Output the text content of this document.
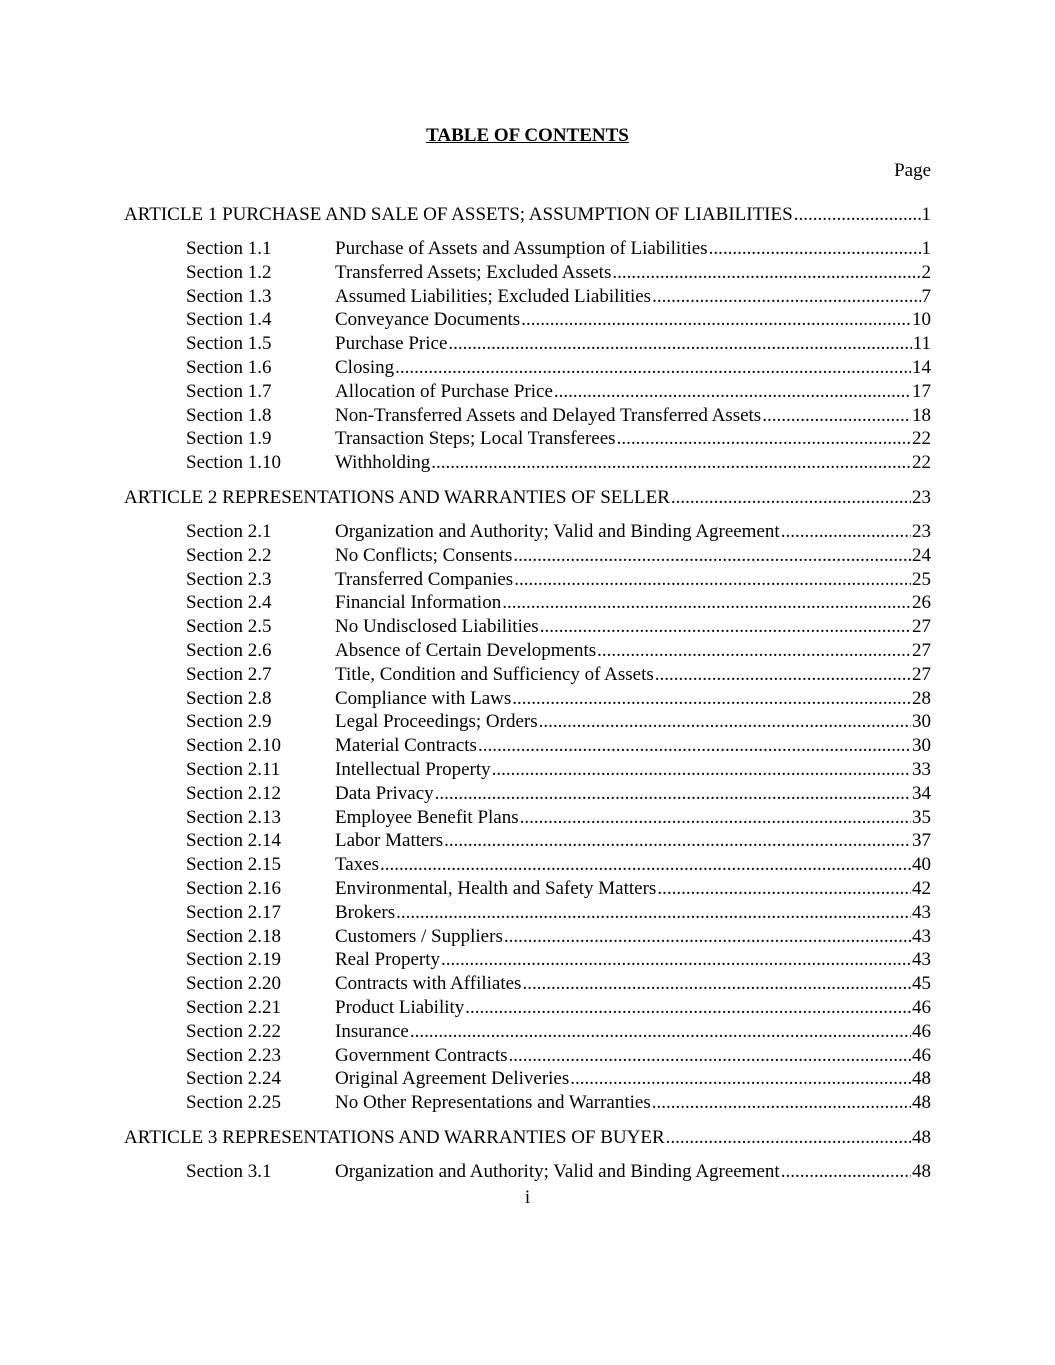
TABLE OF CONTENTS
Page
ARTICLE 1 PURCHASE AND SALE OF ASSETS; ASSUMPTION OF LIABILITIES .....	1
Section 1.1	Purchase of Assets and Assumption of Liabilities .....	1
Section 1.2	Transferred Assets; Excluded Assets .....	2
Section 1.3	Assumed Liabilities; Excluded Liabilities .....	7
Section 1.4	Conveyance Documents .....	10
Section 1.5	Purchase Price .....	11
Section 1.6	Closing .....	14
Section 1.7	Allocation of Purchase Price .....	17
Section 1.8	Non-Transferred Assets and Delayed Transferred Assets .....	18
Section 1.9	Transaction Steps; Local Transferees .....	22
Section 1.10	Withholding .....	22
ARTICLE 2 REPRESENTATIONS AND WARRANTIES OF SELLER .....	23
Section 2.1	Organization and Authority; Valid and Binding Agreement .....	23
Section 2.2	No Conflicts; Consents .....	24
Section 2.3	Transferred Companies .....	25
Section 2.4	Financial Information .....	26
Section 2.5	No Undisclosed Liabilities .....	27
Section 2.6	Absence of Certain Developments .....	27
Section 2.7	Title, Condition and Sufficiency of Assets .....	27
Section 2.8	Compliance with Laws .....	28
Section 2.9	Legal Proceedings; Orders .....	30
Section 2.10	Material Contracts .....	30
Section 2.11	Intellectual Property .....	33
Section 2.12	Data Privacy .....	34
Section 2.13	Employee Benefit Plans .....	35
Section 2.14	Labor Matters .....	37
Section 2.15	Taxes .....	40
Section 2.16	Environmental, Health and Safety Matters .....	42
Section 2.17	Brokers .....	43
Section 2.18	Customers / Suppliers .....	43
Section 2.19	Real Property .....	43
Section 2.20	Contracts with Affiliates .....	45
Section 2.21	Product Liability .....	46
Section 2.22	Insurance .....	46
Section 2.23	Government Contracts .....	46
Section 2.24	Original Agreement Deliveries .....	48
Section 2.25	No Other Representations and Warranties .....	48
ARTICLE 3 REPRESENTATIONS AND WARRANTIES OF BUYER .....	48
Section 3.1	Organization and Authority; Valid and Binding Agreement .....	48
i
